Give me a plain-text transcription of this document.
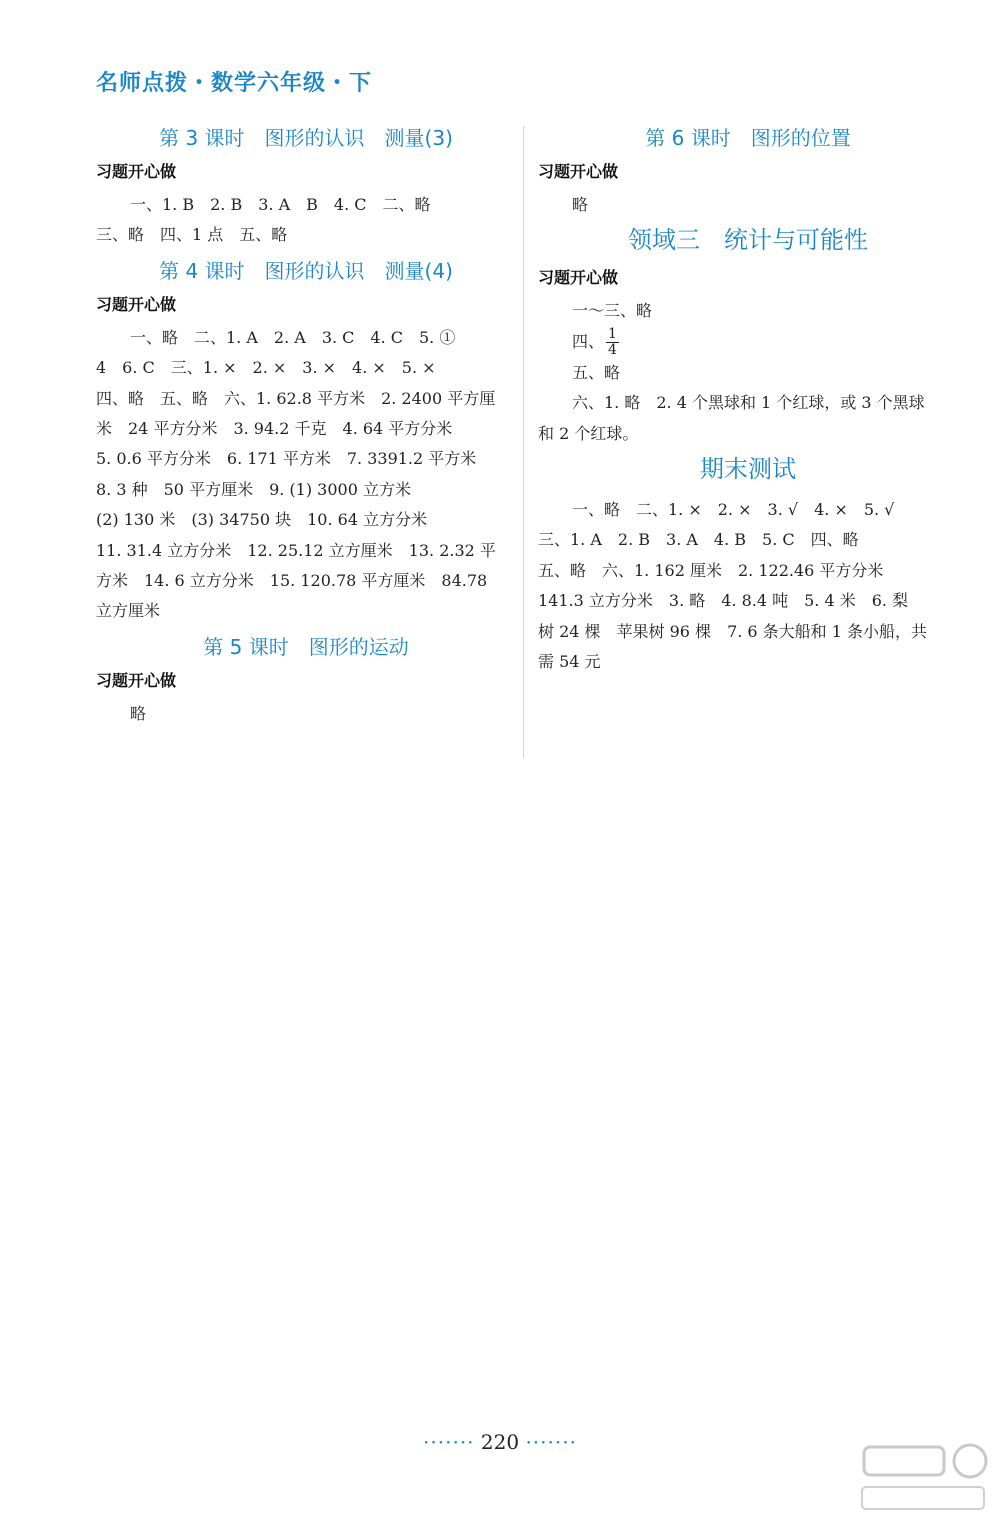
名师点拨・数学六年级・下
第 3 课时　图形的认识　测量(3)
习题开心做

一、1. B　2. B　3. A　B　4. C　二、略

三、略　四、1 点　五、略

第 4 课时　图形的认识　测量(4)
习题开心做

一、略　二、1. A　2. A　3. C　4. C　5. ①

4　6. C　三、1. ×　2. ×　3. ×　4. ×　5. ×

四、略　五、略　六、1. 62.8 平方米　2. 2400 平方厘

米　24 平方分米　3. 94.2 千克　4. 64 平方分米

5. 0.6 平方分米　6. 171 平方米　7. 3391.2 平方米

8. 3 种　50 平方厘米　9. (1) 3000 立方米

(2) 130 米　(3) 34750 块　10. 64 立方分米

11. 31.4 立方分米　12. 25.12 立方厘米　13. 2.32 平

方米　14. 6 立方分米　15. 120.78 平方厘米　84.78

立方厘米

第 5 课时　图形的运动
习题开心做

略

第 6 课时　图形的位置
习题开心做

略

领域三　统计与可能性
习题开心做

一～三、略

四、 $\frac{1}{4}$

五、略

六、1. 略　2. 4 个黑球和 1 个红球，或 3 个黑球

和 2 个红球。

期末测试

一、略　二、1. ×　2. ×　3. √　4. ×　5. √

三、1. A　2. B　3. A　4. B　5. C　四、略

五、略　六、1. 162 厘米　2. 122.46 平方分米

141.3 立方分米　3. 略　4. 8.4 吨　5. 4 米　6. 梨

树 24 棵　苹果树 96 棵　7. 6 条大船和 1 条小船，共

需 54 元

······· 220 ·······
